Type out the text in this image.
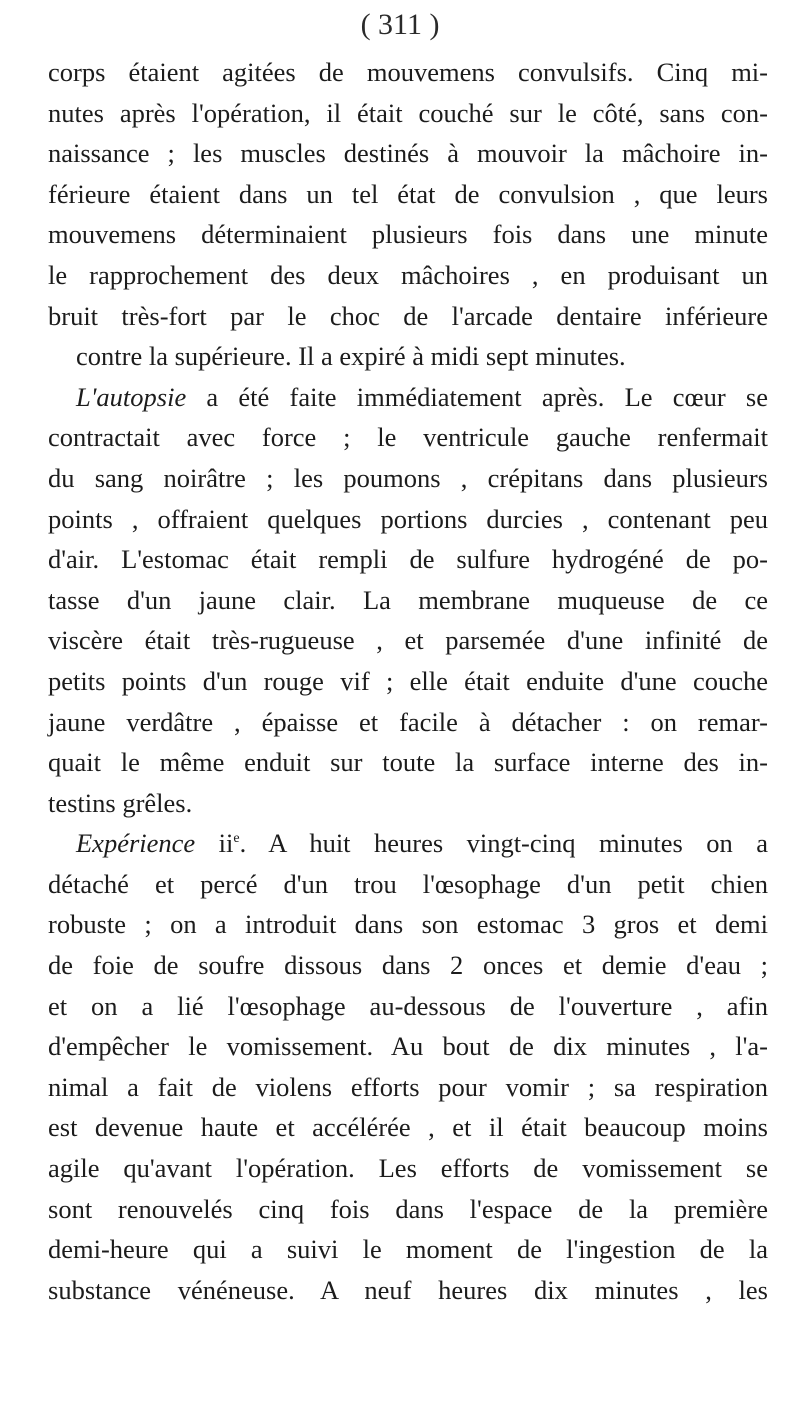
( 311 )
corps étaient agitées de mouvemens convulsifs. Cinq mi-
nutes après l'opération, il était couché sur le côté, sans con-
naissance ; les muscles destinés à mouvoir la mâchoire in-
férieure étaient dans un tel état de convulsion , que leurs
mouvemens déterminaient plusieurs fois dans une minute
le rapprochement des deux mâchoires , en produisant un
bruit très-fort par le choc de l'arcade dentaire inférieure
contre la supérieure. Il a expiré à midi sept minutes.
L'autopsie a été faite immédiatement après. Le cœur se
contractait avec force ; le ventricule gauche renfermait
du sang noirâtre ; les poumons , crépitans dans plusieurs
points , offraient quelques portions durcies , contenant peu
d'air. L'estomac était rempli de sulfure hydrogéné de po-
tasse d'un jaune clair. La membrane muqueuse de ce
viscère était très-rugueuse , et parsemée d'une infinité de
petits points d'un rouge vif ; elle était enduite d'une couche
jaune verdâtre , épaisse et facile à détacher : on remar-
quait le même enduit sur toute la surface interne des in-
testins grêles.
Expérience $ii^e$. A huit heures vingt-cinq minutes on a
détaché et percé d'un trou l'œsophage d'un petit chien
robuste ; on a introduit dans son estomac 3 gros et demi
de foie de soufre dissous dans 2 onces et demie d'eau ;
et on a lié l'œsophage au-dessous de l'ouverture , afin
d'empêcher le vomissement. Au bout de dix minutes , l'a-
nimal a fait de violens efforts pour vomir ; sa respiration
est devenue haute et accélérée , et il était beaucoup moins
agile qu'avant l'opération. Les efforts de vomissement se
sont renouvelés cinq fois dans l'espace de la première
demi-heure qui a suivi le moment de l'ingestion de la
substance vénéneuse. A neuf heures dix minutes , les
